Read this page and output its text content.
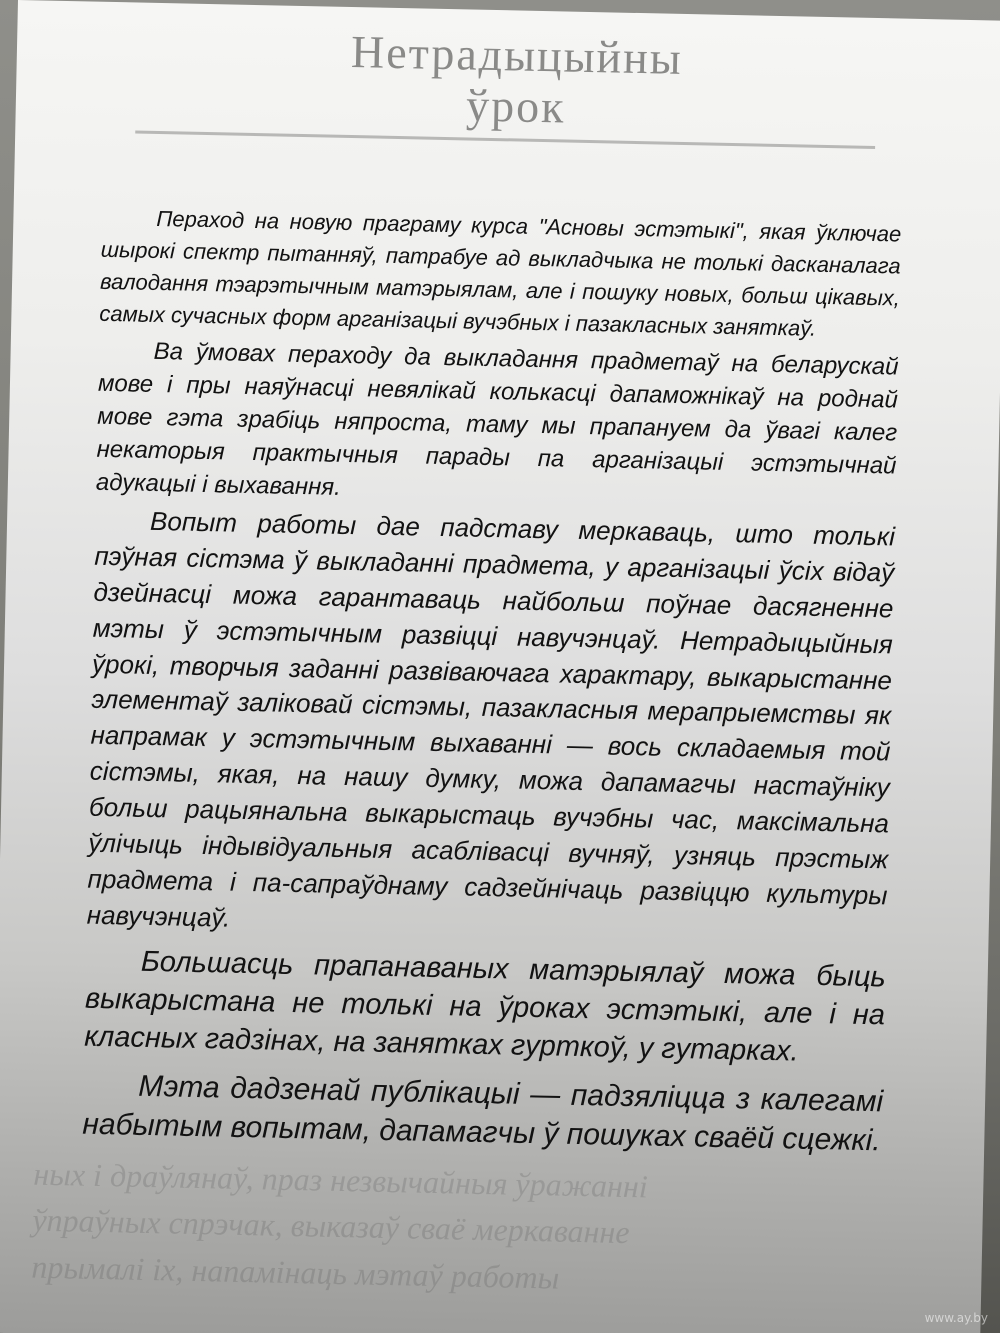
ных і драўлянаў, праз незвычайныя ўражанні
ўпраўных спрэчак, выказаў сваё меркаванне
прымалі іх, напамінаць мэтаў работы
Нетрадыцыйны
ўрок

Пераход на новую праграму курса "Асновы эстэтыкі", якая ўключае шырокі спектр пытанняў, патрабуе ад выкладчыка не толькі дасканалага валодання тэарэтычным матэрыялам, але і пошуку новых, больш цікавых, самых сучасных форм арганізацыі вучэбных і пазакласных заняткаў.

Ва ўмовах пераходу да выкладання прадметаў на беларускай мове і пры наяўнасці невялікай колькасці дапаможнікаў на роднай мове гэта зрабіць няпроста, таму мы прапануем да ўвагі калег некаторыя практычныя парады па арганізацыі эстэтычнай адукацыі і выхавання.

Вопыт работы дае падставу меркаваць, што толькі пэўная сістэма ў выкладанні прадмета, у арганізацыі ўсіх відаў дзейнасці можа гарантаваць найбольш поўнае дасягненне мэты ў эстэтычным развіцці навучэнцаў. Нетрадыцыйныя ўрокі, творчыя заданні развіваючага характару, выкарыстанне элементаў залiковай сістэмы, пазакласныя мерапрыемствы як напрамак у эстэтычным выхаванні — вось складаемыя той сістэмы, якая, на нашу думку, можа дапамагчы настаўніку больш рацыянальна выкарыстаць вучэбны час, максімальна ўлічыць індывідуальныя асаблівасці вучняў, узняць прэстыж прадмета і па-сапраўднаму садзейнічаць развіццю культуры навучэнцаў.

Большасць прапанаваных матэрыялаў можа быць выкарыстана не толькі на ўроках эстэтыкі, але і на класных гадзінах, на занятках гурткоў, у гутарках.

Мэта дадзенай публікацыі — падзяліцца з калегамі набытым вопытам, дапамагчы ў пошуках сваёй сцежкі.

www.ay.by
